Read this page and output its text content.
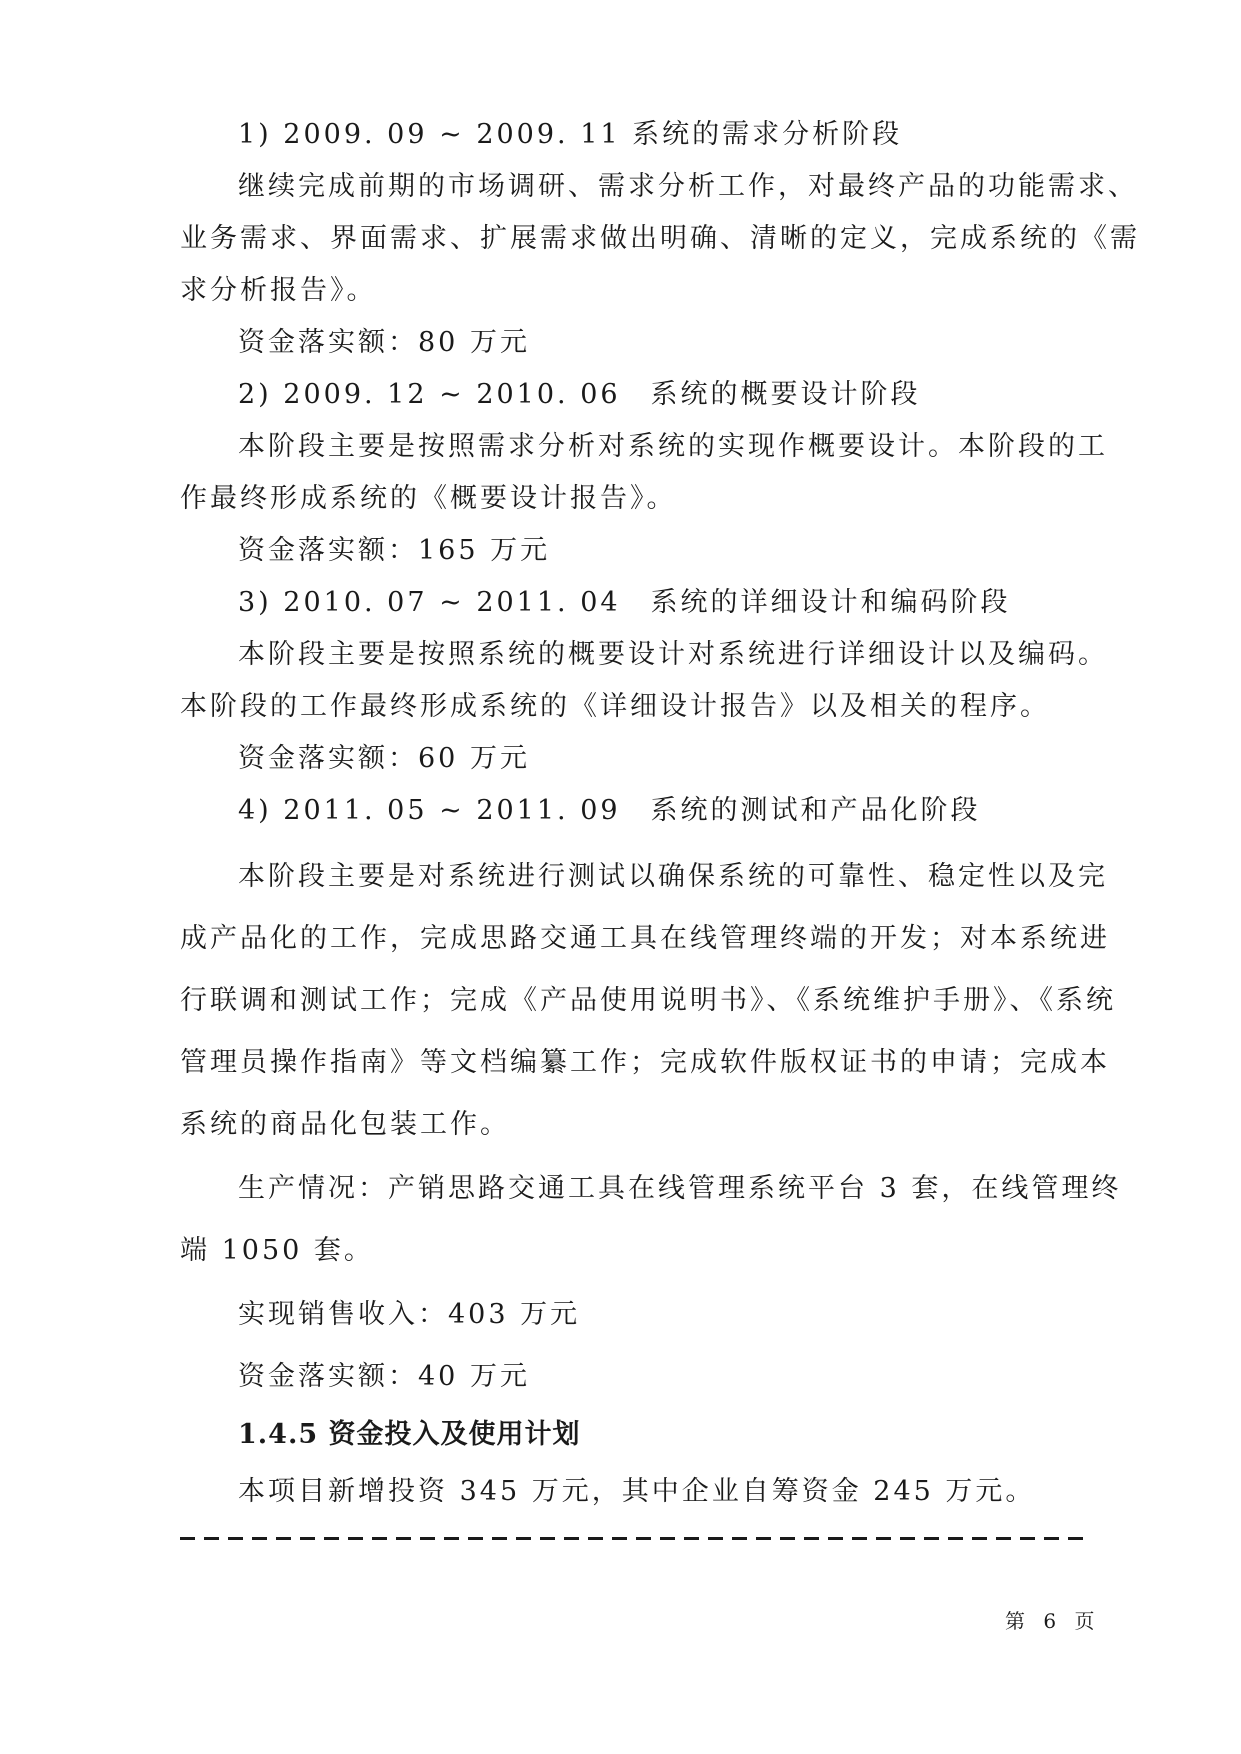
1) 2009. 09 ~ 2009. 11 系统的需求分析阶段
继续完成前期的市场调研、需求分析工作，对最终产品的功能需求、
业务需求、界面需求、扩展需求做出明确、清晰的定义，完成系统的《需
求分析报告》。
资金落实额：80 万元
2) 2009. 12 ~ 2010. 06　系统的概要设计阶段
本阶段主要是按照需求分析对系统的实现作概要设计。本阶段的工
作最终形成系统的《概要设计报告》。
资金落实额：165 万元
3) 2010. 07 ~ 2011. 04　系统的详细设计和编码阶段
本阶段主要是按照系统的概要设计对系统进行详细设计以及编码。
本阶段的工作最终形成系统的《详细设计报告》以及相关的程序。
资金落实额：60 万元
4) 2011. 05 ~ 2011. 09　系统的测试和产品化阶段
本阶段主要是对系统进行测试以确保系统的可靠性、稳定性以及完
成产品化的工作，完成思路交通工具在线管理终端的开发；对本系统进
行联调和测试工作；完成《产品使用说明书》、《系统维护手册》、《系统
管理员操作指南》等文档编纂工作；完成软件版权证书的申请；完成本
系统的商品化包装工作。
生产情况：产销思路交通工具在线管理系统平台 3 套，在线管理终
端 1050 套。
实现销售收入：403 万元
资金落实额：40 万元
1.4.5 资金投入及使用计划
本项目新增投资 345 万元，其中企业自筹资金 245 万元。
第 6 页
